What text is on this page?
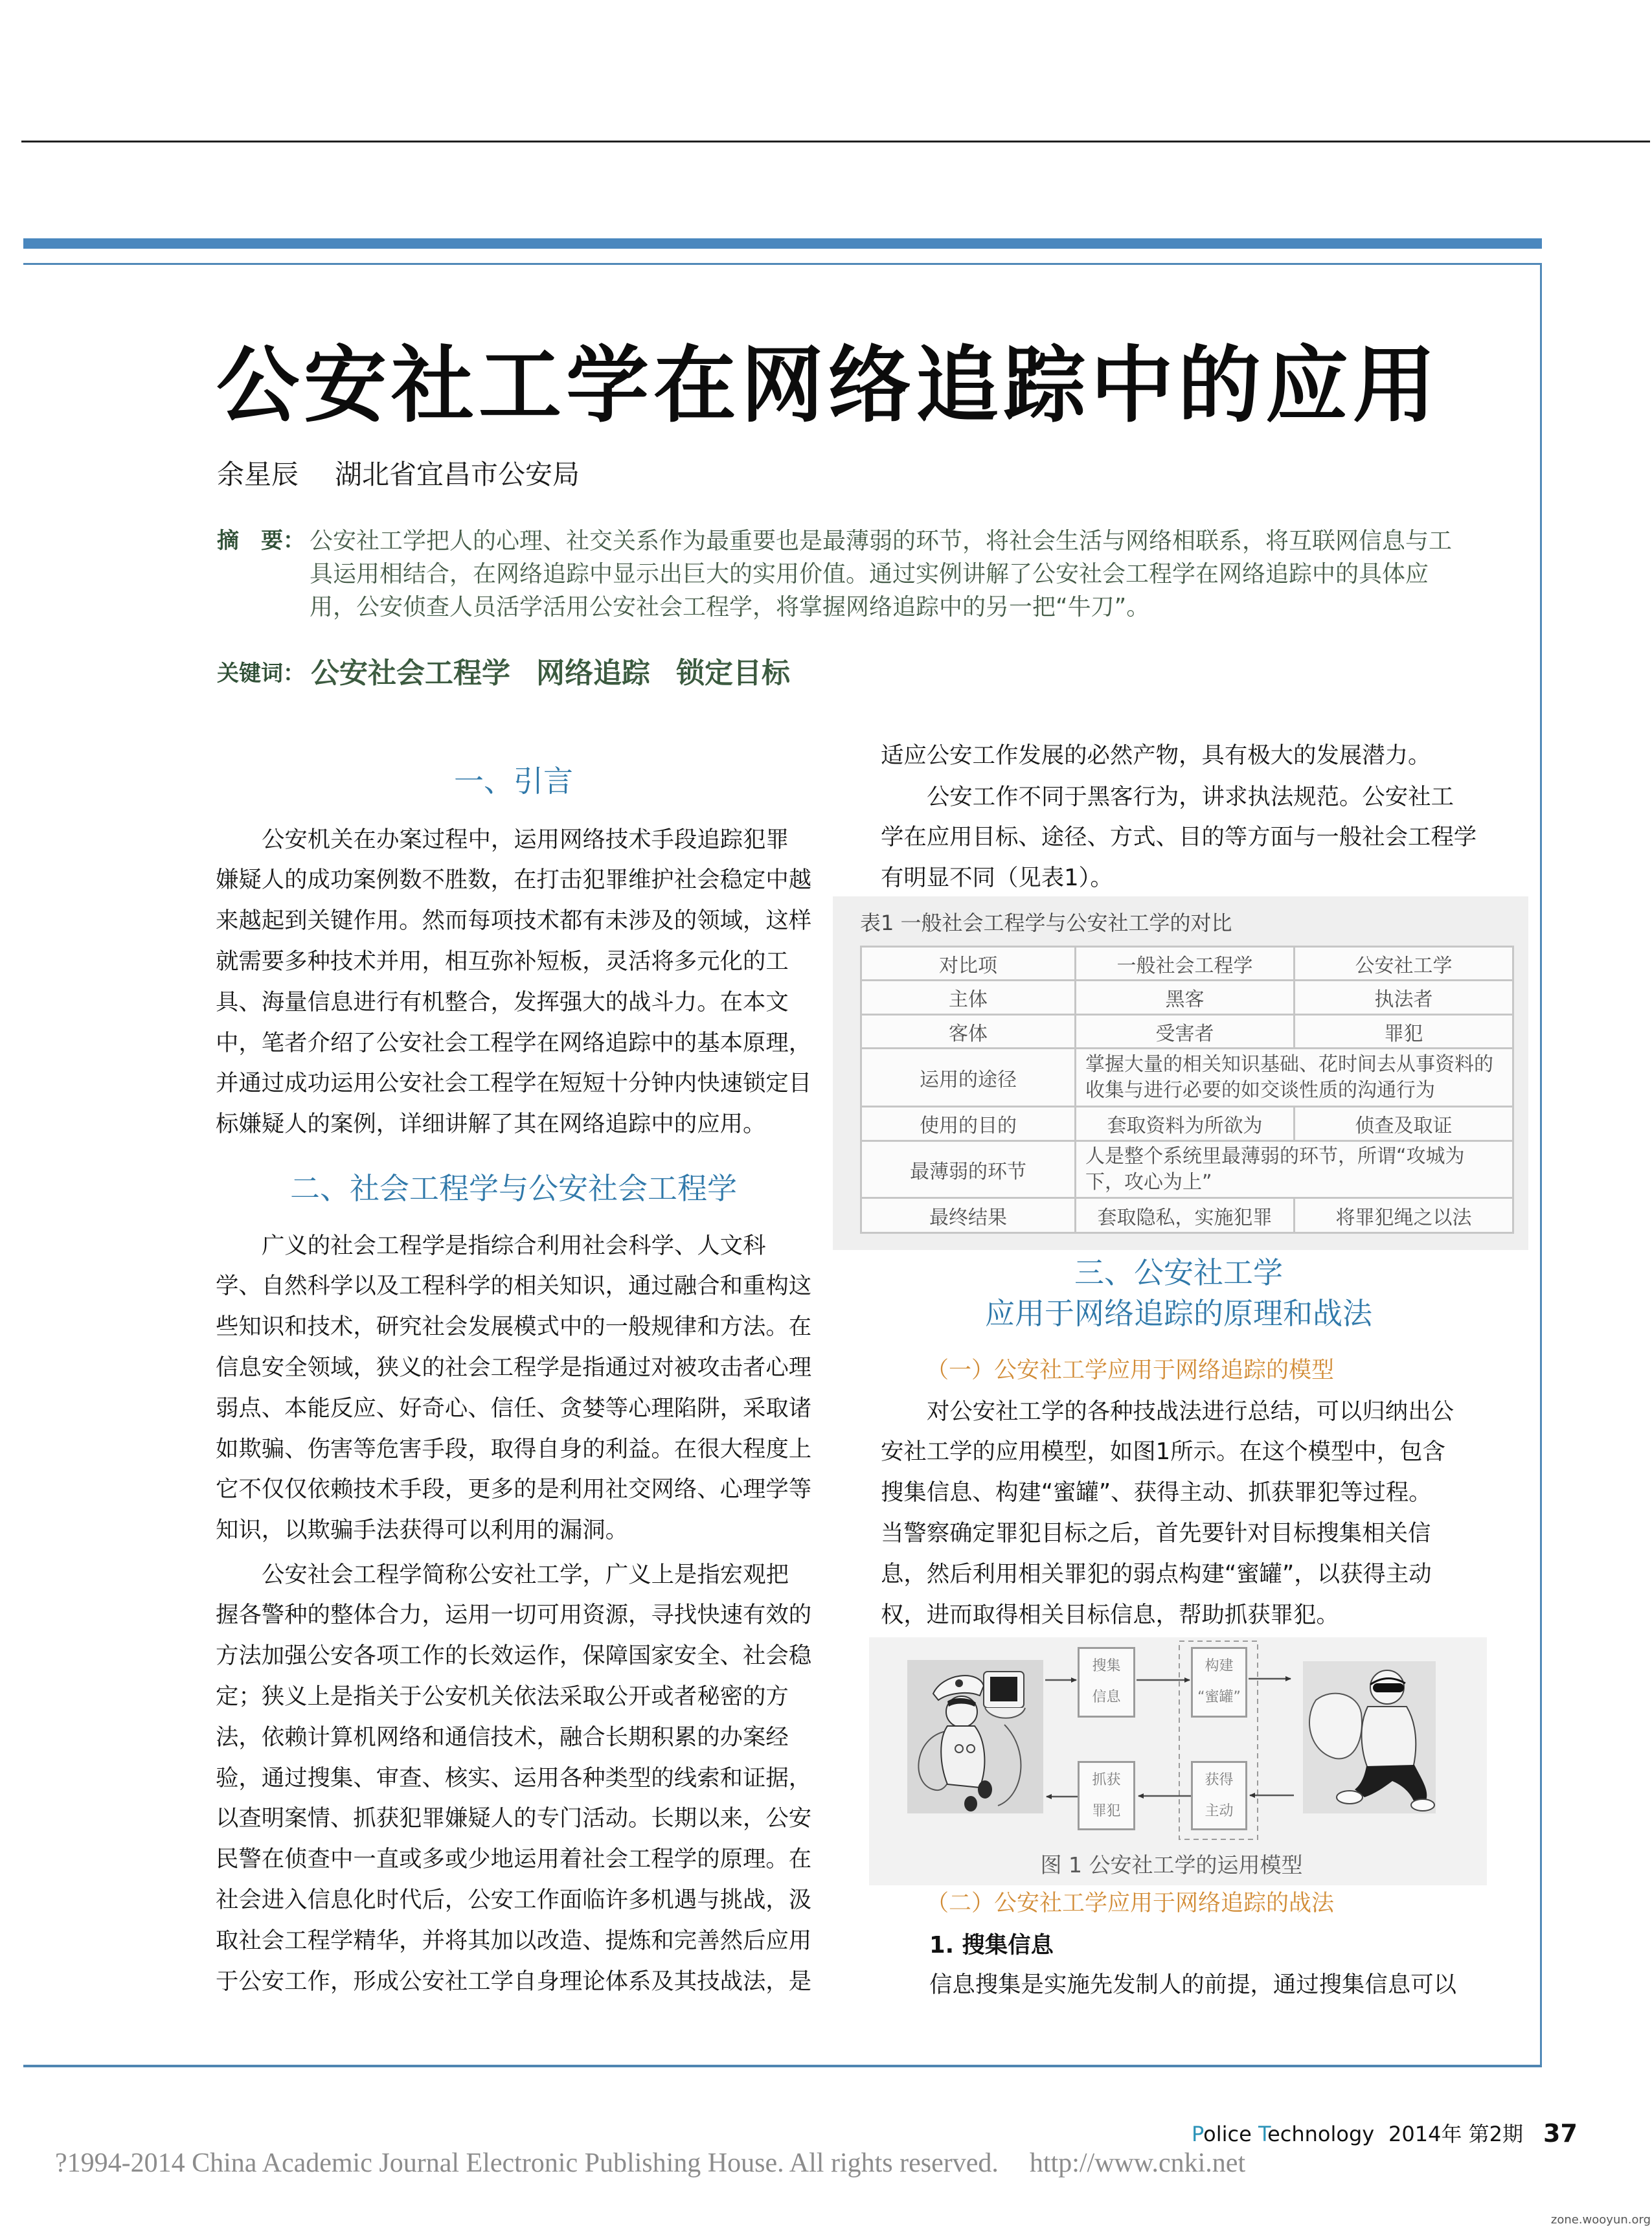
公安社工学在网络追踪中的应用
余星辰 湖北省宜昌市公安局
摘　要： 公安社工学把人的心理、社交关系作为最重要也是最薄弱的环节，将社会生活与网络相联系，将互联网信息与工
具运用相结合，在网络追踪中显示出巨大的实用价值。通过实例讲解了公安社会工程学在网络追踪中的具体应
用，公安侦查人员活学活用公安社会工程学，将掌握网络追踪中的另一把“牛刀”。
关键词： 公安社会工程学 网络追踪 锁定目标
一、引言
公安机关在办案过程中，运用网络技术手段追踪犯罪
嫌疑人的成功案例数不胜数，在打击犯罪维护社会稳定中越
来越起到关键作用。然而每项技术都有未涉及的领域，这样
就需要多种技术并用，相互弥补短板，灵活将多元化的工
具、海量信息进行有机整合，发挥强大的战斗力。在本文
中，笔者介绍了公安社会工程学在网络追踪中的基本原理，
并通过成功运用公安社会工程学在短短十分钟内快速锁定目
标嫌疑人的案例，详细讲解了其在网络追踪中的应用。
二、社会工程学与公安社会工程学
广义的社会工程学是指综合利用社会科学、人文科
学、自然科学以及工程科学的相关知识，通过融合和重构这
些知识和技术，研究社会发展模式中的一般规律和方法。在
信息安全领域，狭义的社会工程学是指通过对被攻击者心理
弱点、本能反应、好奇心、信任、贪婪等心理陷阱，采取诸
如欺骗、伤害等危害手段，取得自身的利益。在很大程度上
它不仅仅依赖技术手段，更多的是利用社交网络、心理学等
知识，以欺骗手法获得可以利用的漏洞。
公安社会工程学简称公安社工学，广义上是指宏观把
握各警种的整体合力，运用一切可用资源，寻找快速有效的
方法加强公安各项工作的长效运作，保障国家安全、社会稳
定；狭义上是指关于公安机关依法采取公开或者秘密的方
法，依赖计算机网络和通信技术，融合长期积累的办案经
验，通过搜集、审查、核实、运用各种类型的线索和证据，
以查明案情、抓获犯罪嫌疑人的专门活动。长期以来，公安
民警在侦查中一直或多或少地运用着社会工程学的原理。在
社会进入信息化时代后，公安工作面临许多机遇与挑战，汲
取社会工程学精华，并将其加以改造、提炼和完善然后应用
于公安工作，形成公安社工学自身理论体系及其技战法，是
适应公安工作发展的必然产物，具有极大的发展潜力。
公安工作不同于黑客行为，讲求执法规范。公安社工
学在应用目标、途径、方式、目的等方面与一般社会工程学
有明显不同（见表1）。
表1 一般社会工程学与公安社工学的对比
对比项	一般社会工程学	公安社工学
主体	黑客	执法者
客体	受害者	罪犯
运用的途径	掌握大量的相关知识基础、花时间去从事资料的
收集与进行必要的如交谈性质的沟通行为	

使用的目的	套取资料为所欲为	侦查及取证
最薄弱的环节	人是整个系统里最薄弱的环节，所谓“攻城为
下，攻心为上”	

最终结果	套取隐私，实施犯罪	将罪犯绳之以法
三、公安社工学
应用于网络追踪的原理和战法
（一）公安社工学应用于网络追踪的模型
对公安社工学的各种技战法进行总结，可以归纳出公
安社工学的应用模型，如图1所示。在这个模型中，包含
搜集信息、构建“蜜罐”、获得主动、抓获罪犯等过程。
当警察确定罪犯目标之后，首先要针对目标搜集相关信
息，然后利用相关罪犯的弱点构建“蜜罐”，以获得主动
权，进而取得相关目标信息，帮助抓获罪犯。
搜集
信息
构建
“蜜罐”
获得
主动
抓获
罪犯
图 1 公安社工学的运用模型
（二）公安社工学应用于网络追踪的战法
1. 搜集信息
信息搜集是实施先发制人的前提，通过搜集信息可以
Police Technology 2014年 第2期 37
?1994-2014 China Academic Journal Electronic Publishing House. All rights reserved. http://www.cnki.net
zone.wooyun.org
